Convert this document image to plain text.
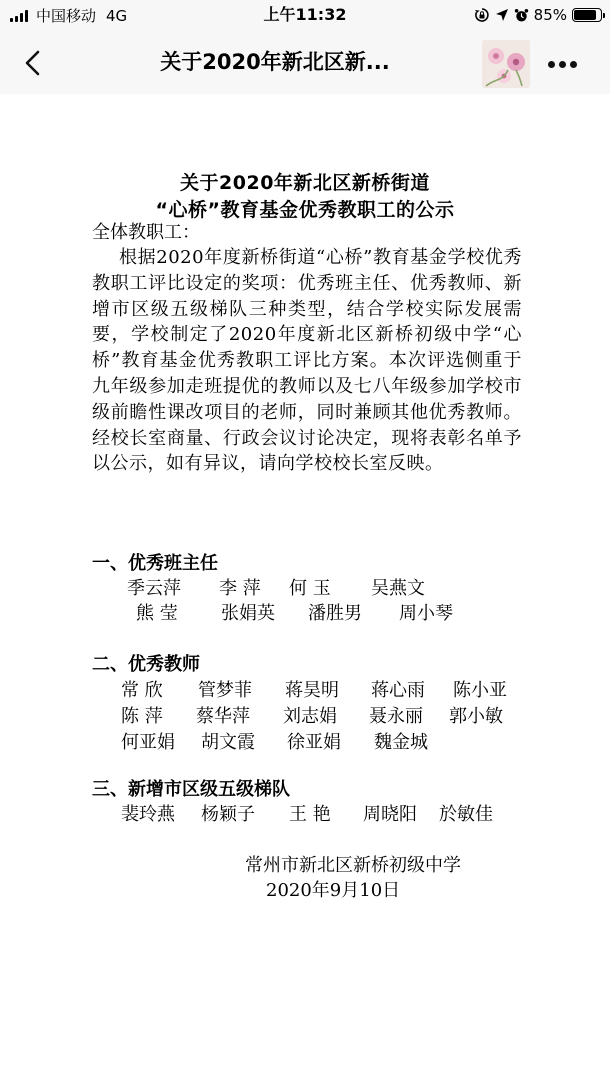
中国移动 4G	上午11:32	85%
关于2020年新北区新...
关于2020年新北区新桥街道
“心桥”教育基金优秀教职工的公示
全体教职工：
根据2020年度新桥街道“心桥”教育基金学校优秀教职工评比设定的奖项：优秀班主任、优秀教师、新增市区级五级梯队三种类型，结合学校实际发展需要，学校制定了2020年度新北区新桥初级中学“心桥”教育基金优秀教职工评比方案。本次评选侧重于九年级参加走班提优的教师以及七八年级参加学校市级前瞻性课改项目的老师，同时兼顾其他优秀教师。经校长室商量、行政会议讨论决定，现将表彰名单予以公示，如有异议，请向学校校长室反映。
一、优秀班主任
季云萍 李 萍 何 玉 吴燕文
熊 莹 张娟英 潘胜男 周小琴
二、优秀教师
常 欣 管梦菲 蒋昊明 蒋心雨 陈小亚
陈 萍 蔡华萍 刘志娟 聂永丽 郭小敏
何亚娟 胡文霞 徐亚娟 魏金城
三、新增市区级五级梯队
裴玲燕 杨颖子 王 艳 周晓阳 於敏佳
常州市新北区新桥初级中学
2020年9月10日
